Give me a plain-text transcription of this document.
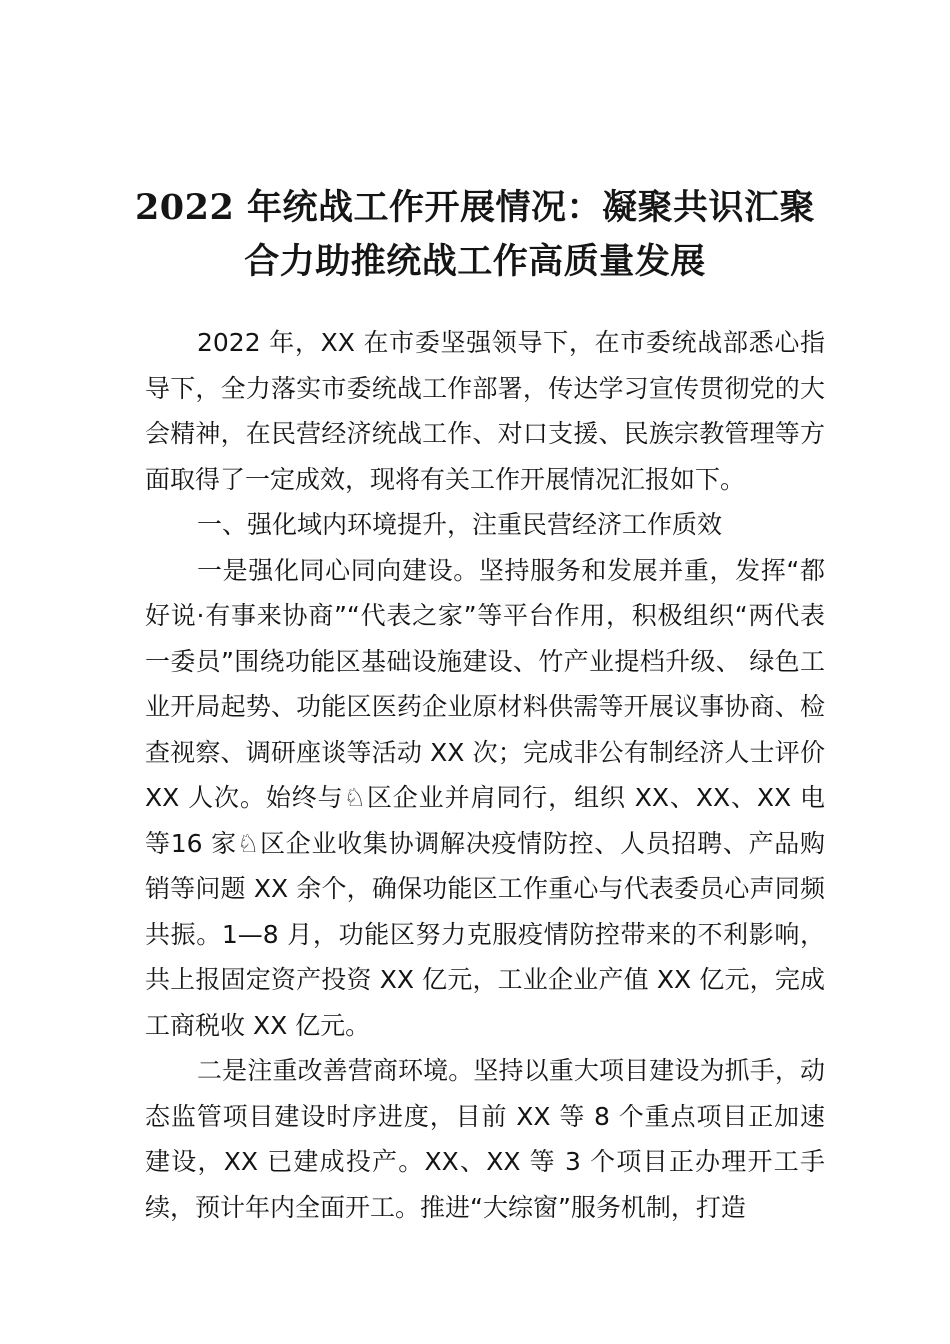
2022 年统战工作开展情况：凝聚共识汇聚
合力助推统战工作高质量发展

2022 年，XX 在市委坚强领导下，在市委统战部悉心指导下，全力落实市委统战工作部署，传达学习宣传贯彻党的大会精神，在民营经济统战工作、对口支援、民族宗教管理等方面取得了一定成效，现将有关工作开展情况汇报如下。

一、强化域内环境提升，注重民营经济工作质效

一是强化同心同向建设。坚持服务和发展并重，发挥“都好说·有事来协商”“代表之家”等平台作用，积极组织“两代表一委员”围绕功能区基础设施建设、竹产业提档升级、 绿色工业开局起势、功能区医药企业原材料供需等开展议事协商、检查视察、调研座谈等活动 XX 次；完成非公有制经济人士评价 XX 人次。始终与♘区企业并肩同行，组织 XX、XX、XX 电等16 家♘区企业收集协调解决疫情防控、人员招聘、产品购销等问题 XX 余个，确保功能区工作重心与代表委员心声同频共振。1—8 月，功能区努力克服疫情防控带来的不利影响，共上报固定资产投资 XX 亿元，工业企业产值 XX 亿元，完成工商税收 XX 亿元。

二是注重改善营商环境。坚持以重大项目建设为抓手，动态监管项目建设时序进度，目前 XX 等 8 个重点项目正加速建设，XX 已建成投产。XX、XX 等 3 个项目正办理开工手续，预计年内全面开工。推进“大综窗”服务机制，打造
